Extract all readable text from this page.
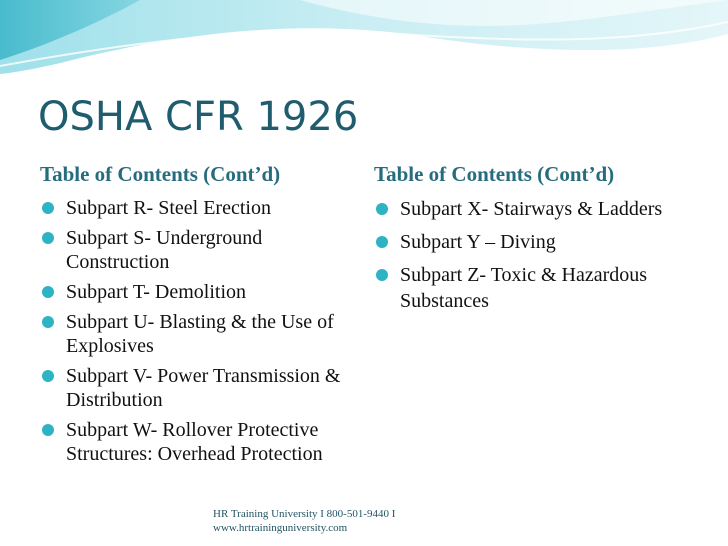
OSHA CFR 1926
Table of Contents (Cont’d)
Subpart R- Steel Erection
Subpart S- Underground Construction
Subpart T- Demolition
Subpart U- Blasting & the Use of Explosives
Subpart V- Power Transmission & Distribution
Subpart W- Rollover Protective Structures: Overhead Protection
Table of Contents (Cont’d)
Subpart X- Stairways & Ladders
Subpart Y – Diving
Subpart Z- Toxic & Hazardous Substances
HR Training University I 800-501-9440 I
www.hrtraininguniversity.com
